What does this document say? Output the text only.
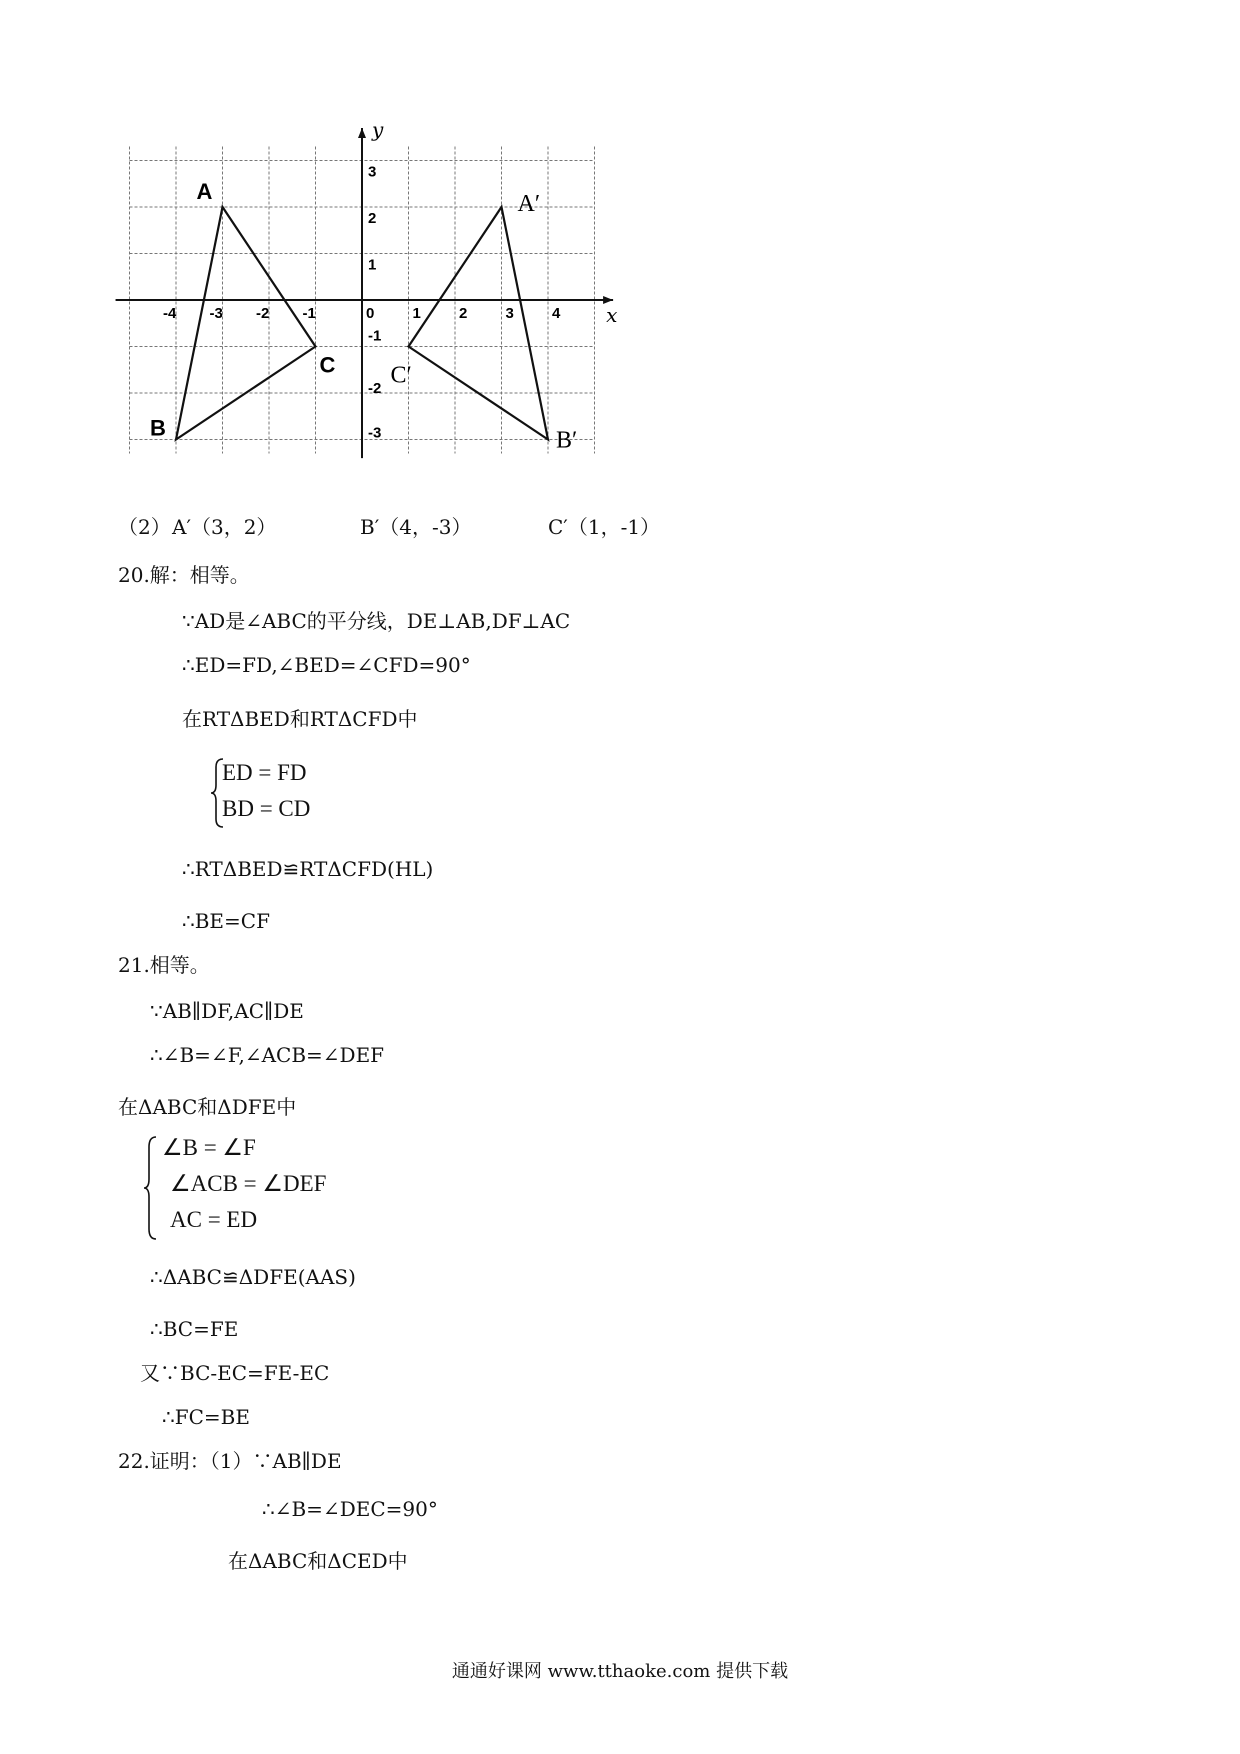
x
y
-4 -3 -2 -1	0	1	2	3	4
3
2
1
-1
-2
-3
A
B
C
A′
B′
C′
（2） A′（3，2）	B′（4，-3）	C′（1，-1）
20.解：相等。
∵AD是∠ABC的平分线，DE⊥AB,DF⊥AC
∴ED=FD,∠BED=∠CFD=90°
在RTΔBED和RTΔCFD中
ED = FD
BD = CD
∴RTΔBED≌RTΔCFD(HL)
∴BE=CF
21.相等。
∵AB∥DF,AC∥DE
∴∠B=∠F,∠ACB=∠DEF
在ΔABC和ΔDFE中
∠B = ∠F
∠ACB = ∠DEF
AC = ED
∴ΔABC≌ΔDFE(AAS)
∴BC=FE
又∵BC-EC=FE-EC
∴FC=BE
22.证明：（1）∵AB∥DE
∴∠B=∠DEC=90°
在ΔABC和ΔCED中
通通好课网 www.tthaoke.com 提供下载
